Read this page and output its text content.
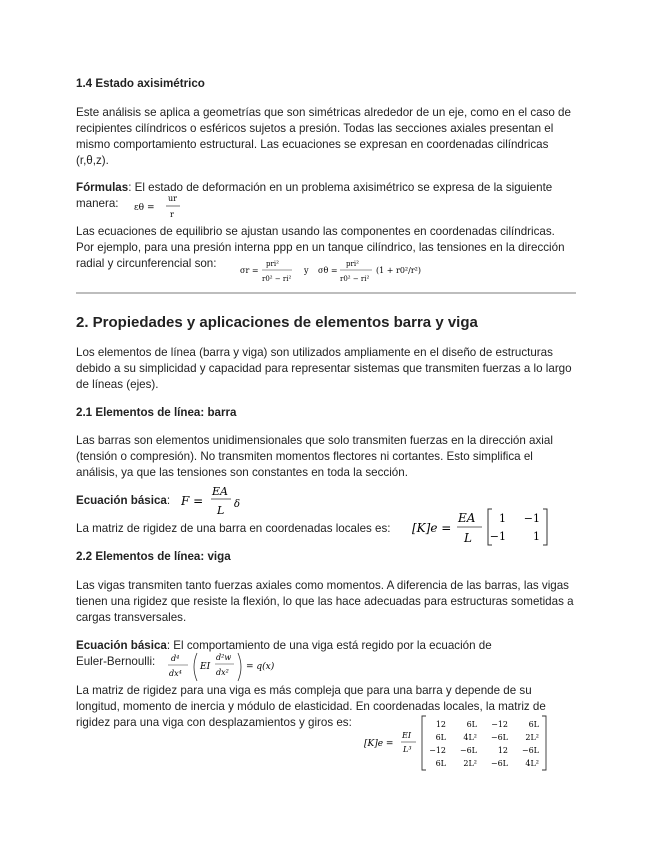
1.4 Estado axisimétrico

Este análisis se aplica a geometrías que son simétricas alrededor de un eje, como en el caso de recipientes cilíndricos o esféricos sujetos a presión. Todas las secciones axiales presentan el mismo comportamiento estructural. Las ecuaciones se expresan en coordenadas cilíndricas (r,θ,z).

Fórmulas: El estado de deformación en un problema axisimétrico se expresa de la siguiente manera:	εθ =
ur
r

Las ecuaciones de equilibrio se ajustan usando las componentes en coordenadas cilíndricas. Por ejemplo, para una presión interna ppp en un tanque cilíndrico, las tensiones en la dirección radial y circunferencial son:

σr =
pri²
r0² − ri²
y σθ =
pri²
r0² − ri²
(1 + r0²/r²)

2. Propiedades y aplicaciones de elementos barra y viga

Los elementos de línea (barra y viga) son utilizados ampliamente en el diseño de estructuras debido a su simplicidad y capacidad para representar sistemas que transmiten fuerzas a lo largo de líneas (ejes).

2.1 Elementos de línea: barra

Las barras son elementos unidimensionales que solo transmiten fuerzas en la dirección axial (tensión o compresión). No transmiten momentos flectores ni cortantes. Esto simplifica el análisis, ya que las tensiones son constantes en toda la sección.

Ecuación básica: F =
EA
L δ

La matriz de rigidez de una barra en coordenadas locales es:	[K]e =
EA
L
1 −1
−1 1

2.2 Elementos de línea: viga

Las vigas transmiten tanto fuerzas axiales como momentos. A diferencia de las barras, las vigas tienen una rigidez que resiste la flexión, lo que las hace adecuadas para estructuras sometidas a cargas transversales.

Ecuación básica: El comportamiento de una viga está regido por la ecuación de Euler-Bernoulli:	d⁴
dx⁴
EI
d²w
dx²
= q(x)

La matriz de rigidez para una viga es más compleja que para una barra y depende de su longitud, momento de inercia y módulo de elasticidad. En coordenadas locales, la matriz de rigidez para una viga con desplazamientos y giros es:

[K]e =
EI
L³
12	6L −12	6L
6L 4L² −6L 2L²
−12 −6L	12 −6L
6L 2L² −6L 4L²
